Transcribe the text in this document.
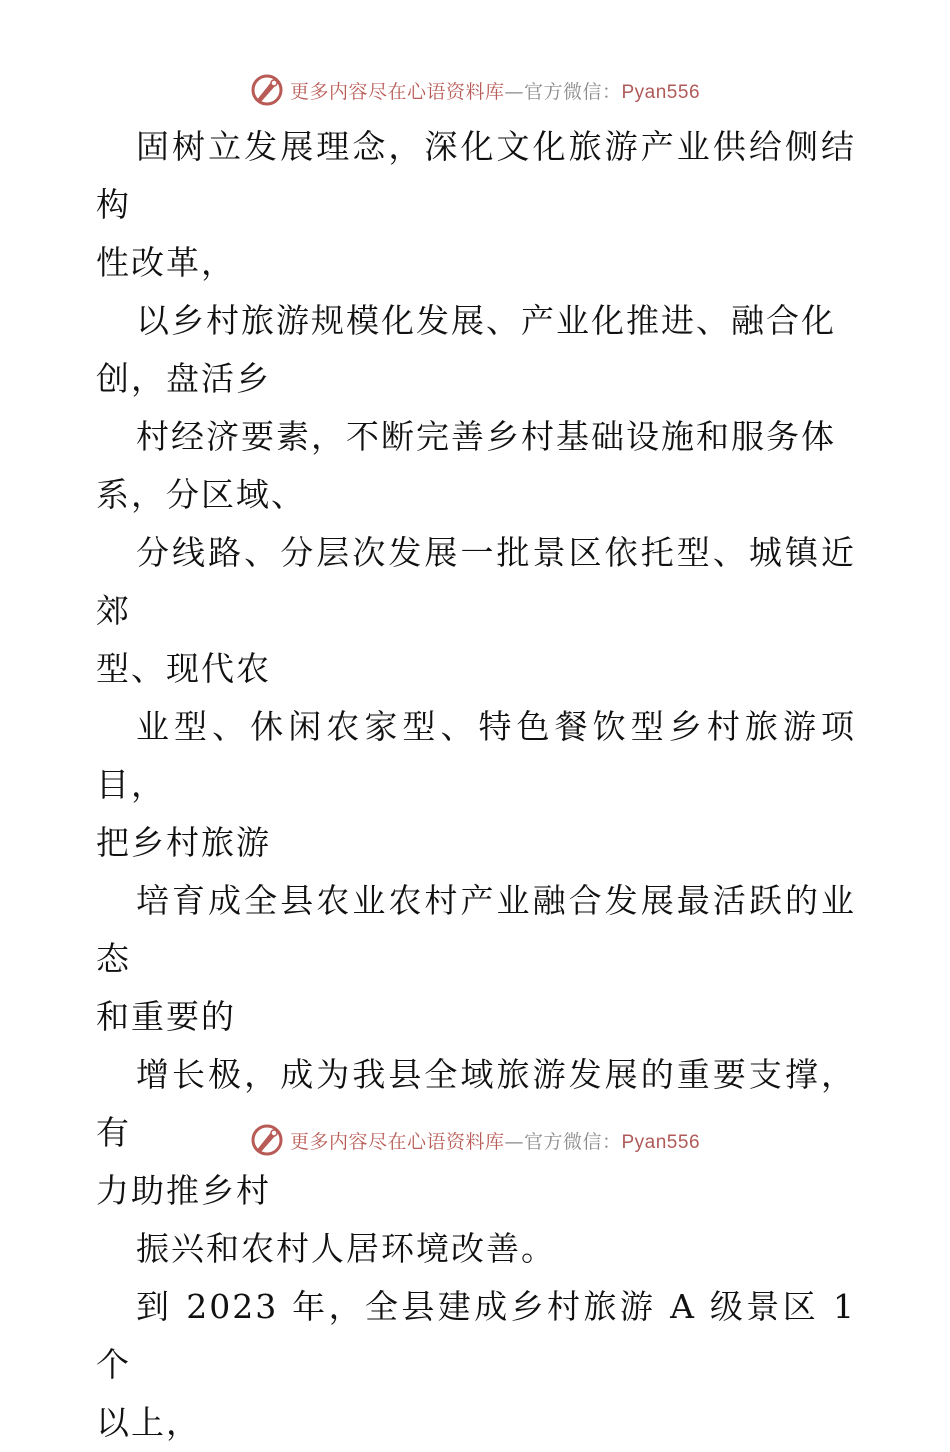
更多内容尽在心语资料库—官方微信：Pyan556

固树立发展理念，深化文化旅游产业供给侧结构
性改革，

以乡村旅游规模化发展、产业化推进、融合化
创，盘活乡

村经济要素，不断完善乡村基础设施和服务体
系，分区域、

分线路、分层次发展一批景区依托型、城镇近郊
型、现代农

业型、休闲农家型、特色餐饮型乡村旅游项目，
把乡村旅游

培育成全县农业农村产业融合发展最活跃的业态
和重要的

增长极，成为我县全域旅游发展的重要支撑，有
力助推乡村

振兴和农村人居环境改善。

到 2023 年，全县建成乡村旅游 A 级景区 1 个
以上，

更多内容尽在心语资料库—官方微信：Pyan556
